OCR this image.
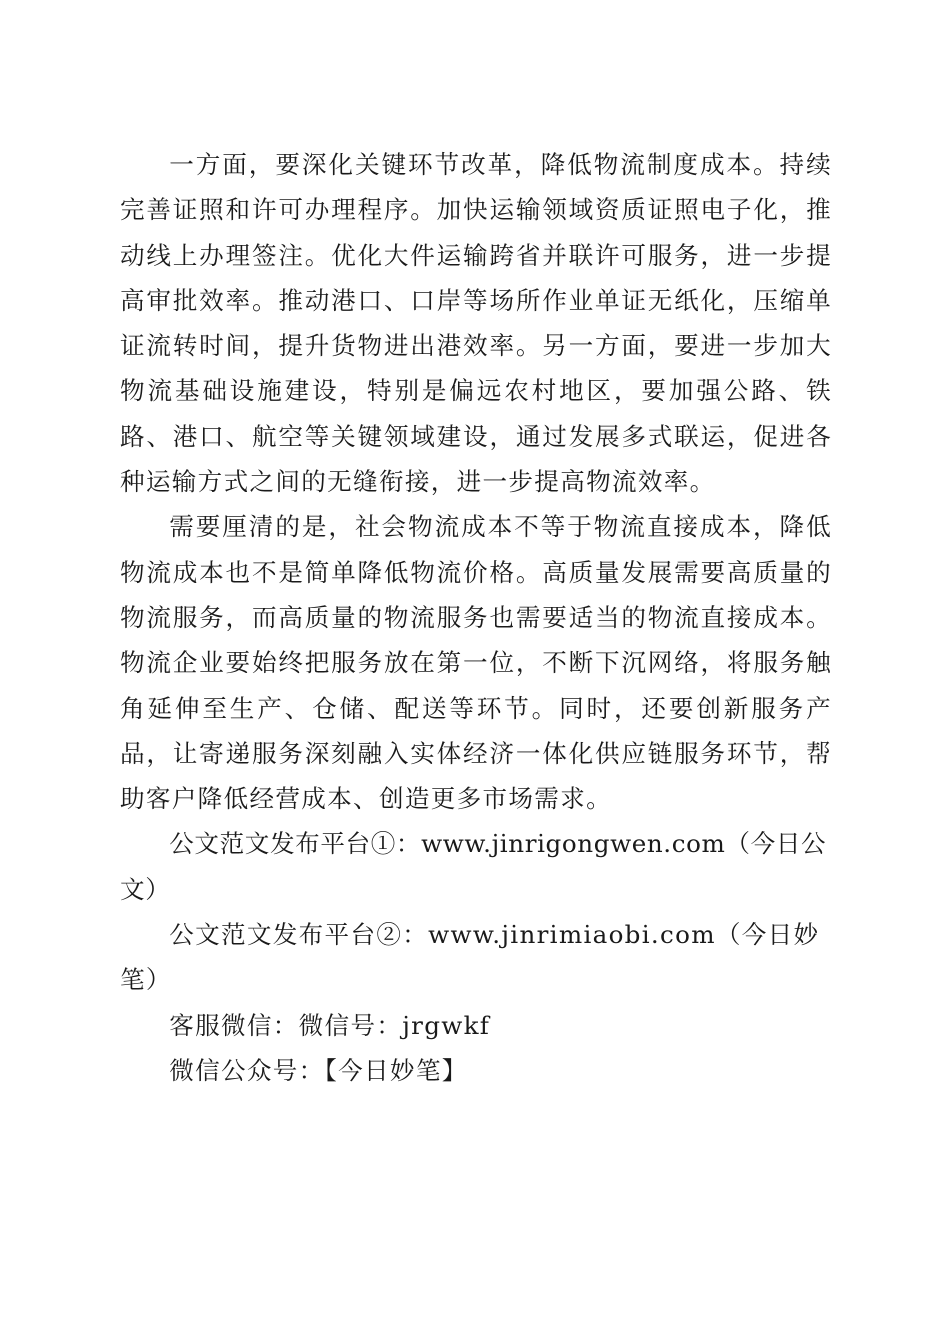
一方面，要深化关键环节改革，降低物流制度成本。持续完善证照和许可办理程序。加快运输领域资质证照电子化，推动线上办理签注。优化大件运输跨省并联许可服务，进一步提高审批效率。推动港口、口岸等场所作业单证无纸化，压缩单证流转时间，提升货物进出港效率。另一方面，要进一步加大物流基础设施建设，特别是偏远农村地区，要加强公路、铁路、港口、航空等关键领域建设，通过发展多式联运，促进各种运输方式之间的无缝衔接，进一步提高物流效率。

需要厘清的是，社会物流成本不等于物流直接成本，降低物流成本也不是简单降低物流价格。高质量发展需要高质量的物流服务，而高质量的物流服务也需要适当的物流直接成本。物流企业要始终把服务放在第一位，不断下沉网络，将服务触角延伸至生产、仓储、配送等环节。同时，还要创新服务产品，让寄递服务深刻融入实体经济一体化供应链服务环节，帮助客户降低经营成本、创造更多市场需求。

公文范文发布平台①：www.jinrigongwen.com（今日公文）

公文范文发布平台②：www.jinrimiaobi.com（今日妙笔）

客服微信：微信号：jrgwkf

微信公众号：【今日妙笔】
